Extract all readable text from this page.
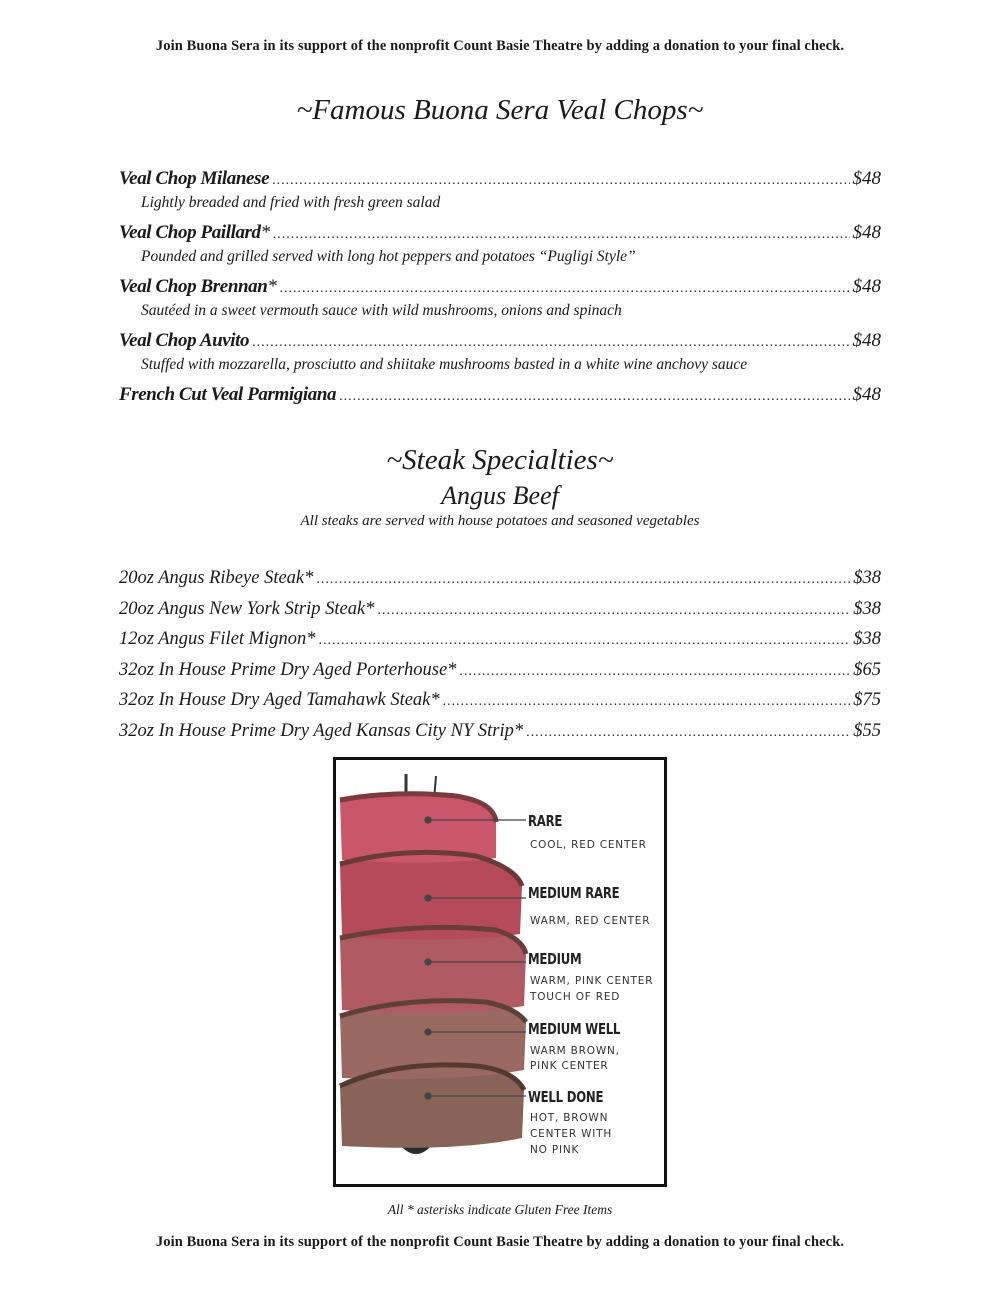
Join Buona Sera in its support of the nonprofit Count Basie Theatre by adding a donation to your final check.
~Famous Buona Sera Veal Chops~
Veal Chop Milanese .....	$48
Lightly breaded and fried with fresh green salad
Veal Chop Paillard* .....	$48
Pounded and grilled served with long hot peppers and potatoes “Pugligi Style”
Veal Chop Brennan* .....	$48
Sautéed in a sweet vermouth sauce with wild mushrooms, onions and spinach
Veal Chop Auvito .....	$48
Stuffed with mozzarella, prosciutto and shiitake mushrooms basted in a white wine anchovy sauce
French Cut Veal Parmigiana .....	$48
~Steak Specialties~
Angus Beef
All steaks are served with house potatoes and seasoned vegetables
20oz Angus Ribeye Steak* .....	$38
20oz Angus New York Strip Steak* .....	$38
12oz Angus Filet Mignon* .....	$38
32oz In House Prime Dry Aged Porterhouse* .....	$65
32oz In House Dry Aged Tamahawk Steak* .....	$75
32oz In House Prime Dry Aged Kansas City NY Strip* .....	$55
RARE
COOL, RED CENTER
MEDIUM RARE
WARM, RED CENTER
MEDIUM
WARM, PINK CENTER
TOUCH OF RED
MEDIUM WELL
WARM BROWN,
PINK CENTER
WELL DONE
HOT, BROWN
CENTER WITH
NO PINK
All * asterisks indicate Gluten Free Items
Join Buona Sera in its support of the nonprofit Count Basie Theatre by adding a donation to your final check.
